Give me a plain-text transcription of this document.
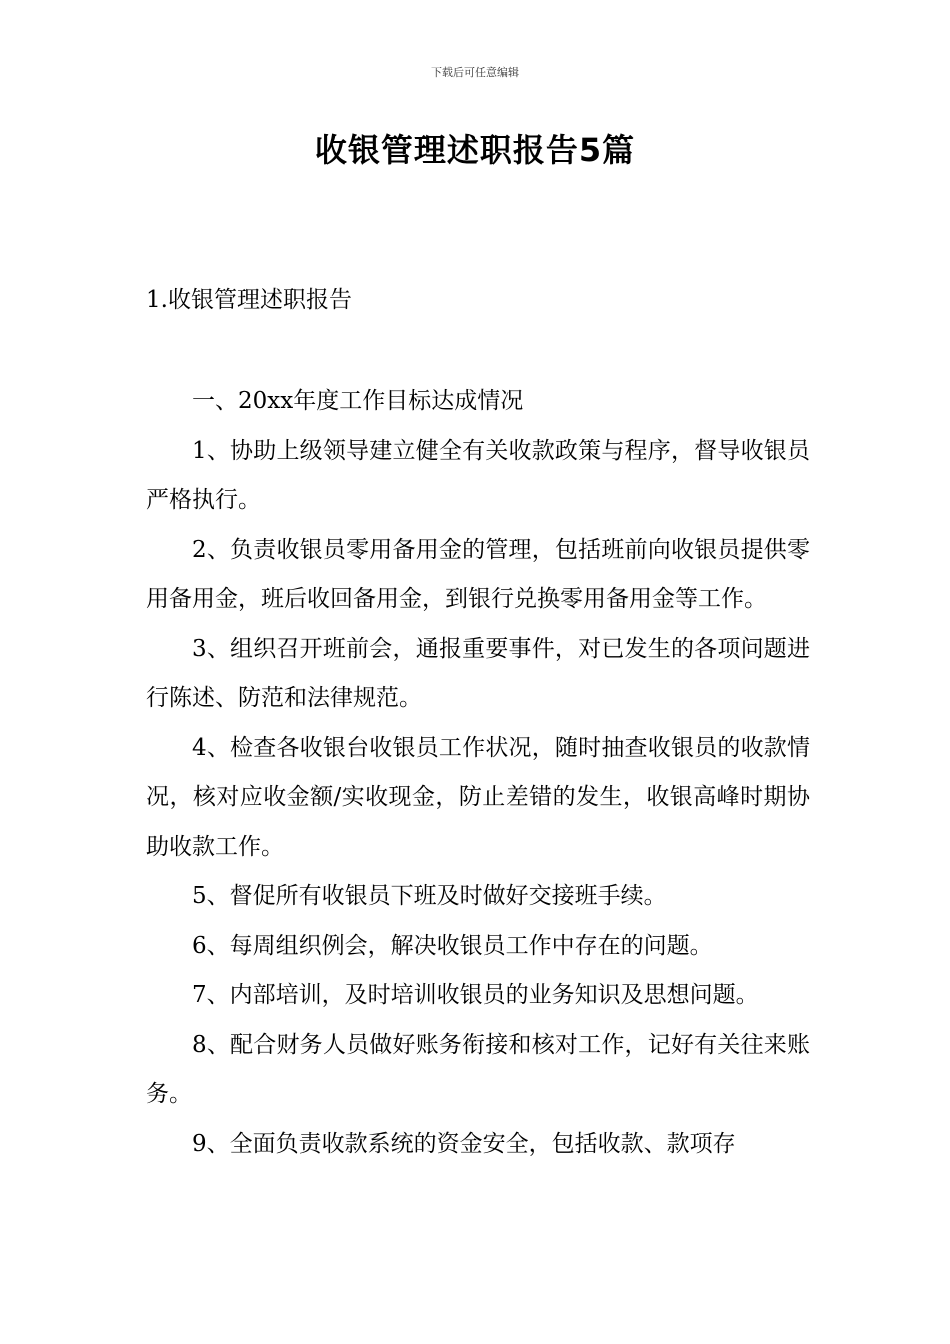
下载后可任意编辑
收银管理述职报告5篇
1.收银管理述职报告

一、20xx年度工作目标达成情况

1、协助上级领导建立健全有关收款政策与程序，督导收银员严格执行。

2、负责收银员零用备用金的管理，包括班前向收银员提供零用备用金，班后收回备用金，到银行兑换零用备用金等工作。

3、组织召开班前会，通报重要事件，对已发生的各项问题进行陈述、防范和法律规范。

4、检查各收银台收银员工作状况，随时抽查收银员的收款情况，核对应收金额/实收现金，防止差错的发生，收银高峰时期协助收款工作。

5、督促所有收银员下班及时做好交接班手续。

6、每周组织例会，解决收银员工作中存在的问题。

7、内部培训，及时培训收银员的业务知识及思想问题。

8、配合财务人员做好账务衔接和核对工作，记好有关往来账务。

9、全面负责收款系统的资金安全，包括收款、款项存
